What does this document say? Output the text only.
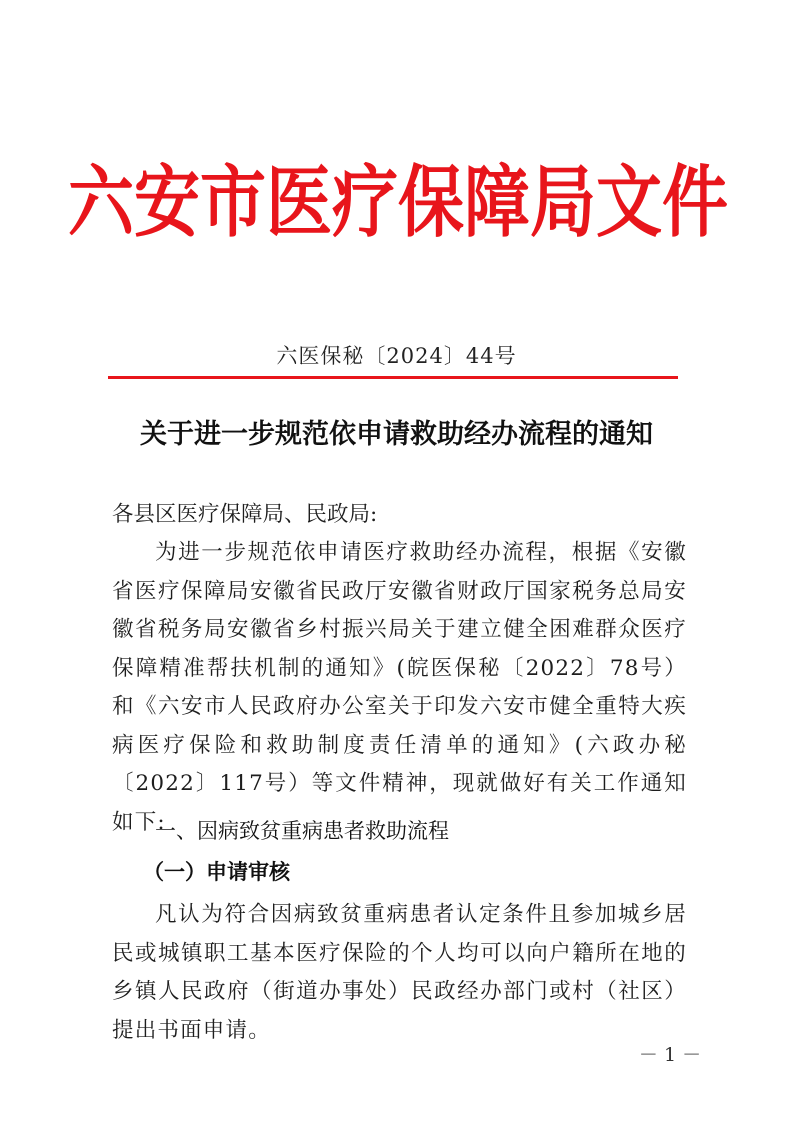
六安市医疗保障局文件
六医保秘〔2024〕44号
关于进一步规范依申请救助经办流程的通知
各县区医疗保障局、民政局:
为进一步规范依申请医疗救助经办流程，根据《安徽省医疗保障局安徽省民政厅安徽省财政厅国家税务总局安徽省税务局安徽省乡村振兴局关于建立健全困难群众医疗保障精准帮扶机制的通知》(皖医保秘〔2022〕78号）和《六安市人民政府办公室关于印发六安市健全重特大疾病医疗保险和救助制度责任清单的通知》(六政办秘〔2022〕117号）等文件精神，现就做好有关工作通知如下:
一、因病致贫重病患者救助流程
（一）申请审核
凡认为符合因病致贫重病患者认定条件且参加城乡居民或城镇职工基本医疗保险的个人均可以向户籍所在地的乡镇人民政府（街道办事处）民政经办部门或村（社区）提出书面申请。
－ 1 －
